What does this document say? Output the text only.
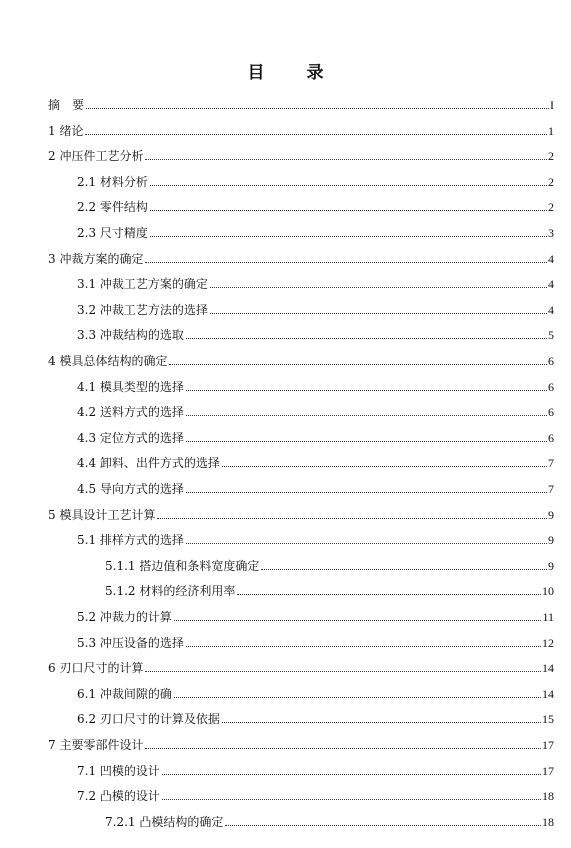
目 录
摘　要	I
1 绪论	1
2 冲压件工艺分析	2
2.1 材料分析	2
2.2 零件结构	2
2.3 尺寸精度	3
3 冲裁方案的确定	4
3.1 冲裁工艺方案的确定	4
3.2 冲裁工艺方法的选择	4
3.3 冲裁结构的选取	5
4 模具总体结构的确定	6
4.1 模具类型的选择	6
4.2 送料方式的选择	6
4.3 定位方式的选择	6
4.4 卸料、出件方式的选择	7
4.5 导向方式的选择	7
5 模具设计工艺计算	9
5.1 排样方式的选择	9
5.1.1 搭边值和条料宽度确定	9
5.1.2 材料的经济利用率	10
5.2 冲裁力的计算	11
5.3 冲压设备的选择	12
6 刃口尺寸的计算	14
6.1 冲裁间隙的确	14
6.2 刃口尺寸的计算及依据	15
7 主要零部件设计	17
7.1 凹模的设计	17
7.2 凸模的设计	18
7.2.1 凸模结构的确定	18
